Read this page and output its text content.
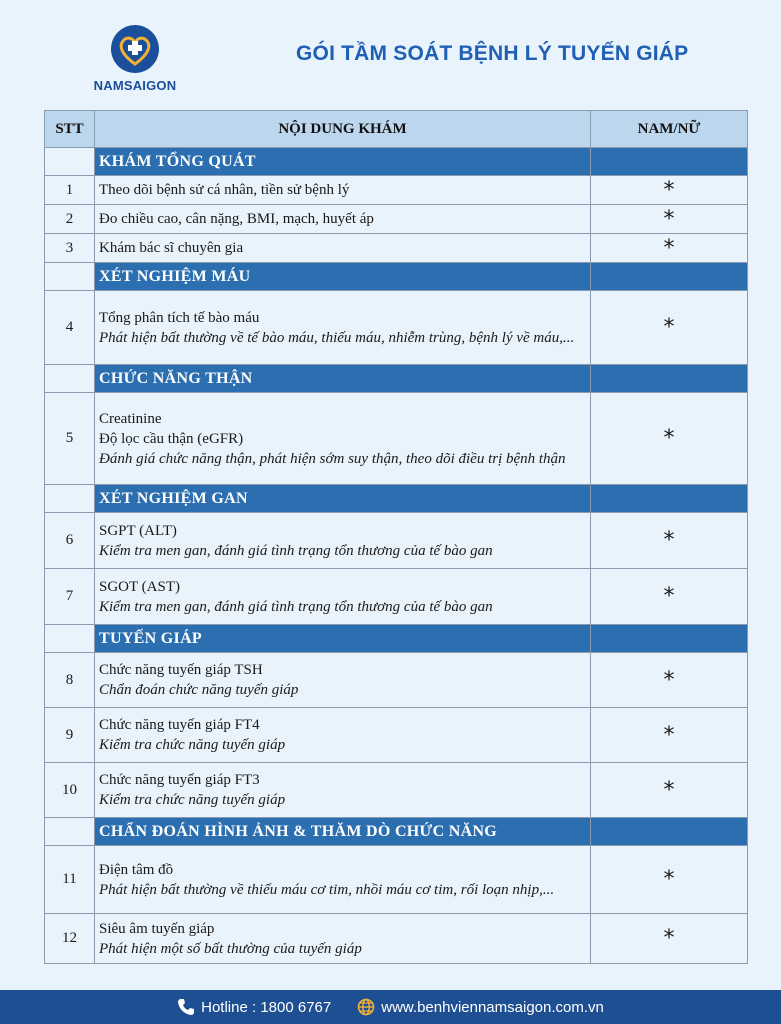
NAMSAIGON
GÓI TẦM SOÁT BỆNH LÝ TUYẾN GIÁP
STT	NỘI DUNG KHÁM	NAM/NỮ
	KHÁM TỔNG QUÁT	
1	Theo dõi bệnh sử cá nhân, tiền sử bệnh lý	*
2	Đo chiều cao, cân nặng, BMI, mạch, huyết áp	*
3	Khám bác sĩ chuyên gia	*
	XÉT NGHIỆM MÁU	
4	Tổng phân tích tế bào máu
Phát hiện bất thường về tế bào máu, thiếu máu, nhiễm trùng, bệnh lý về máu,...	*
	CHỨC NĂNG THẬN	
5	Creatinine
Độ lọc cầu thận (eGFR)
Đánh giá chức năng thận, phát hiện sớm suy thận, theo dõi điều trị bệnh thận	*
	XÉT NGHIỆM GAN	
6	SGPT (ALT)
Kiểm tra men gan, đánh giá tình trạng tổn thương của tế bào gan	*
7	SGOT (AST)
Kiểm tra men gan, đánh giá tình trạng tổn thương của tế bào gan	*
	TUYẾN GIÁP	
8	Chức năng tuyến giáp TSH
Chẩn đoán chức năng tuyến giáp	*
9	Chức năng tuyến giáp FT4
Kiểm tra chức năng tuyến giáp	*
10	Chức năng tuyến giáp FT3
Kiểm tra chức năng tuyến giáp	*
	CHẨN ĐOÁN HÌNH ẢNH & THĂM DÒ CHỨC NĂNG	
11	Điện tâm đồ
Phát hiện bất thường về thiếu máu cơ tim, nhồi máu cơ tim, rối loạn nhịp,...	*
12	Siêu âm tuyến giáp
Phát hiện một số bất thường của tuyến giáp	*
Hotline : 1800 6767	www.benhviennamsaigon.com.vn
